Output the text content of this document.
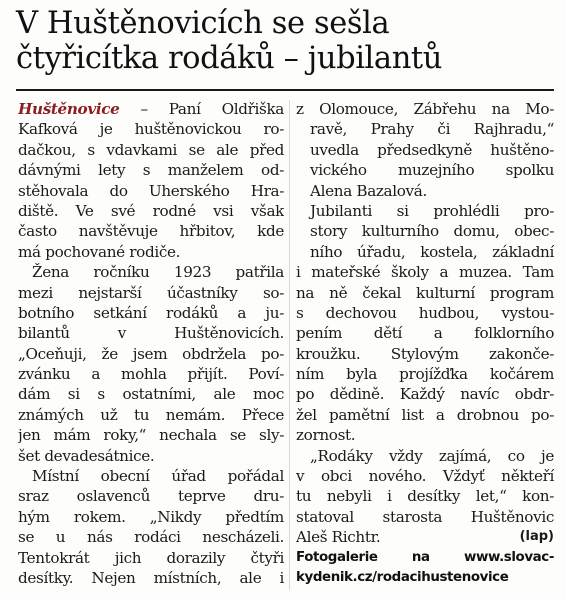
V Huštěnovicích se sešla
čtyřicítka rodáků – jubilantů
Huštěnovice – Paní Oldřiška
Kafková je huštěnovickou ro-
dačkou, s vdavkami se ale před
dávnými lety s manželem od-
stěhovala do Uherského Hra-
diště. Ve své rodné vsi však
často navštěvuje hřbitov, kde
má pochované rodiče.
Žena ročníku 1923 patřila
mezi nejstarší účastníky so-
botního setkání rodáků a ju-
bilantů v Huštěnovicích.
„Oceňuji, že jsem obdržela po-
zvánku a mohla přijít. Poví-
dám si s ostatními, ale moc
známých už tu nemám. Přece
jen mám roky,“ nechala se sly-
šet devadesátnice.
Místní obecní úřad pořádal
sraz oslavenců teprve dru-
hým rokem. „Nikdy předtím
se u nás rodáci nescházeli.
Tentokrát jich dorazily čtyři
desítky. Nejen místních, ale i
z Olomouce, Zábřehu na Mo-
ravě, Prahy či Rajhradu,“
uvedla předsedkyně huštěno-
vického muzejního spolku
Alena Bazalová.
Jubilanti si prohlédli pro-
story kulturního domu, obec-
ního úřadu, kostela, základní
i mateřské školy a muzea. Tam
na ně čekal kulturní program
s dechovou hudbou, vystou-
pením dětí a folklorního
kroužku. Stylovým zakonče-
ním byla projížďka kočárem
po dědině. Každý navíc obdr-
žel pamětní list a drobnou po-
zornost.
„Rodáky vždy zajímá, co je
v obci nového. Vždyť někteří
tu nebyli i desítky let,“ kon-
statoval starosta Huštěnovic
Aleš Richtr.	(lap)
Fotogalerie na www.slovac-
kydenik.cz/rodacihustenovice
